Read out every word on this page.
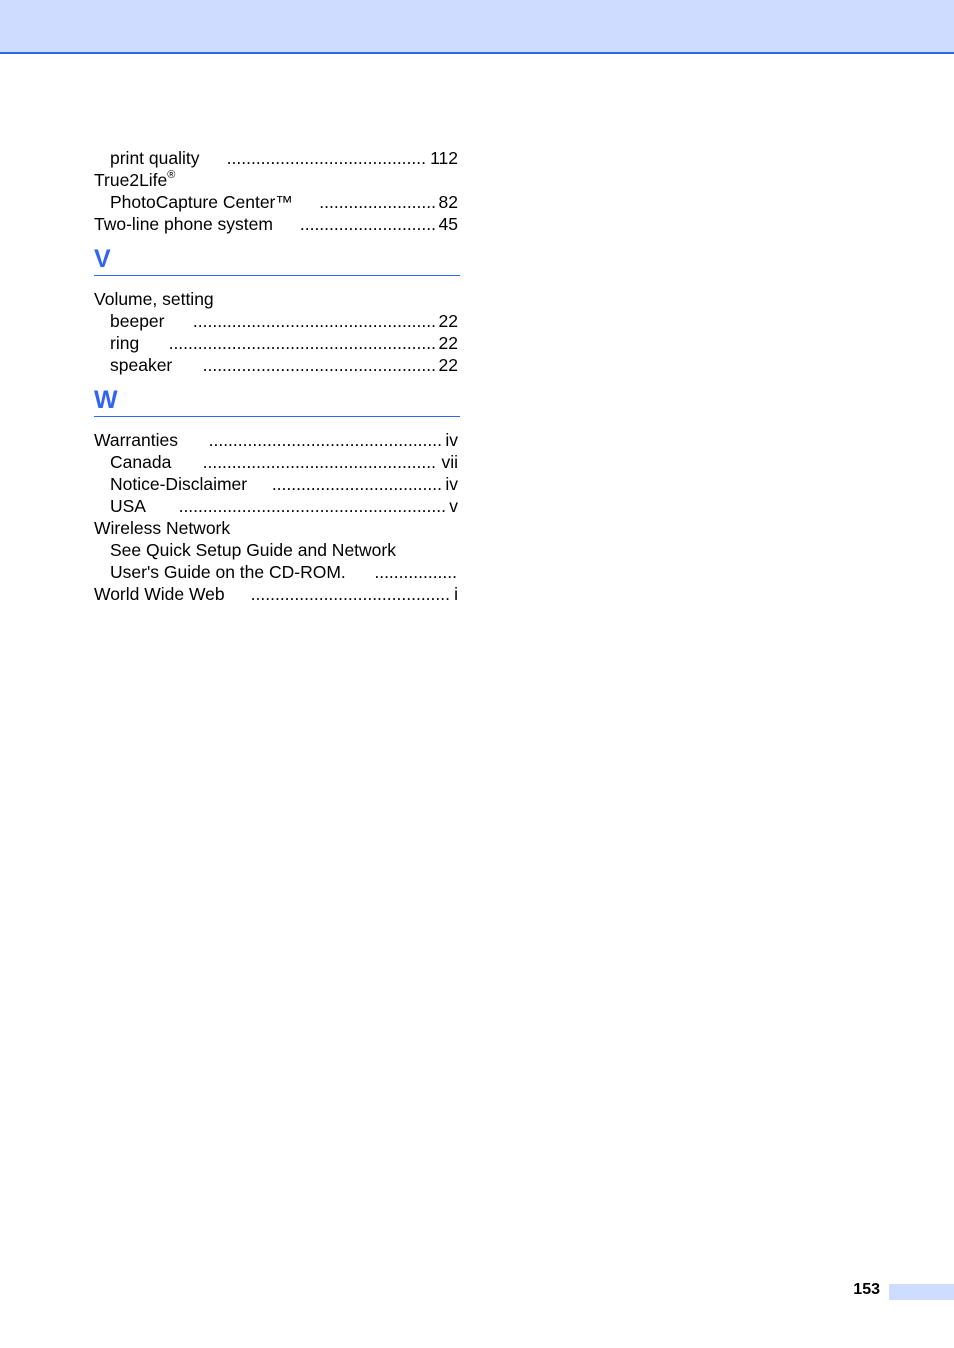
print quality	......................................... 112
True2Life®
PhotoCapture Center™	........................ 82
Two-line phone system	............................ 45
V
Volume, setting
beeper	.................................................. 22
ring	....................................................... 22
speaker	................................................ 22
W
Warranties	................................................ iv
Canada	................................................ vii
Notice-Disclaimer	................................... iv
USA	....................................................... v
Wireless Network
See Quick Setup Guide and Network
User's Guide on the CD-ROM.	.................
World Wide Web	......................................... i
153
